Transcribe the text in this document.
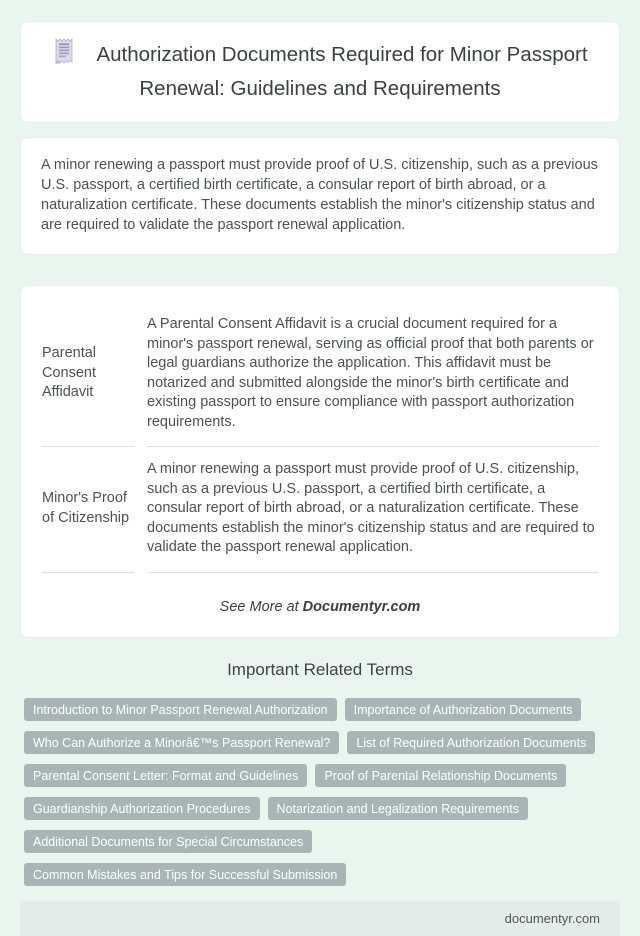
Authorization Documents Required for Minor Passport Renewal: Guidelines and Requirements

A minor renewing a passport must provide proof of U.S. citizenship, such as a previous U.S. passport, a certified birth certificate, a consular report of birth abroad, or a naturalization certificate. These documents establish the minor's citizenship status and are required to validate the passport renewal application.

Parental Consent Affidavit	A Parental Consent Affidavit is a crucial document required for a minor's passport renewal, serving as official proof that both parents or legal guardians authorize the application. This affidavit must be notarized and submitted alongside the minor's birth certificate and existing passport to ensure compliance with passport authorization requirements.
Minor's Proof of Citizenship	A minor renewing a passport must provide proof of U.S. citizenship, such as a previous U.S. passport, a certified birth certificate, a consular report of birth abroad, or a naturalization certificate. These documents establish the minor's citizenship status and are required to validate the passport renewal application.
See More at Documentyr.com
Important Related Terms
Introduction to Minor Passport Renewal Authorization	Importance of Authorization Documents
Who Can Authorize a Minorâ€™s Passport Renewal?	List of Required Authorization Documents
Parental Consent Letter: Format and Guidelines	Proof of Parental Relationship Documents
Guardianship Authorization Procedures	Notarization and Legalization Requirements
Additional Documents for Special Circumstances
Common Mistakes and Tips for Successful Submission
documentyr.com
